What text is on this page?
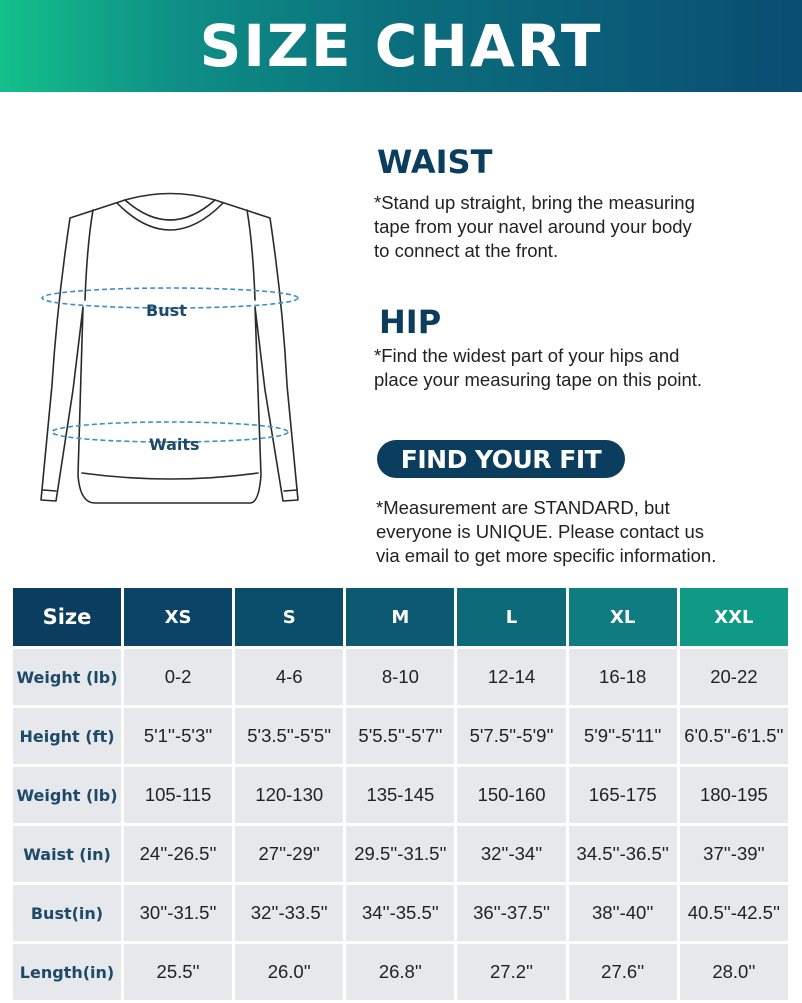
SIZE CHART
Bust
Waits
WAIST

*Stand up straight, bring the measuring
tape from your navel around your body
to connect at the front.

HIP

*Find the widest part of your hips and
place your measuring tape on this point.

FIND YOUR FIT

*Measurement are STANDARD, but
everyone is UNIQUE. Please contact us
via email to get more specific information.

Size	XS	S	M	L	XL	XXL
Weight (lb)	0-2	4-6	8-10	12-14	16-18	20-22
Height (ft)	5'1''-5'3''	5'3.5''-5'5''	5'5.5''-5'7''	5'7.5''-5'9''	5'9''-5'11''	6'0.5''-6'1.5''
Weight (lb)	105-115	120-130	135-145	150-160	165-175	180-195
Waist (in)	24''-26.5''	27''-29''	29.5''-31.5''	32''-34''	34.5''-36.5''	37''-39''
Bust(in)	30''-31.5''	32''-33.5''	34''-35.5''	36''-37.5''	38''-40''	40.5''-42.5''
Length(in)	25.5''	26.0''	26.8''	27.2''	27.6''	28.0''
